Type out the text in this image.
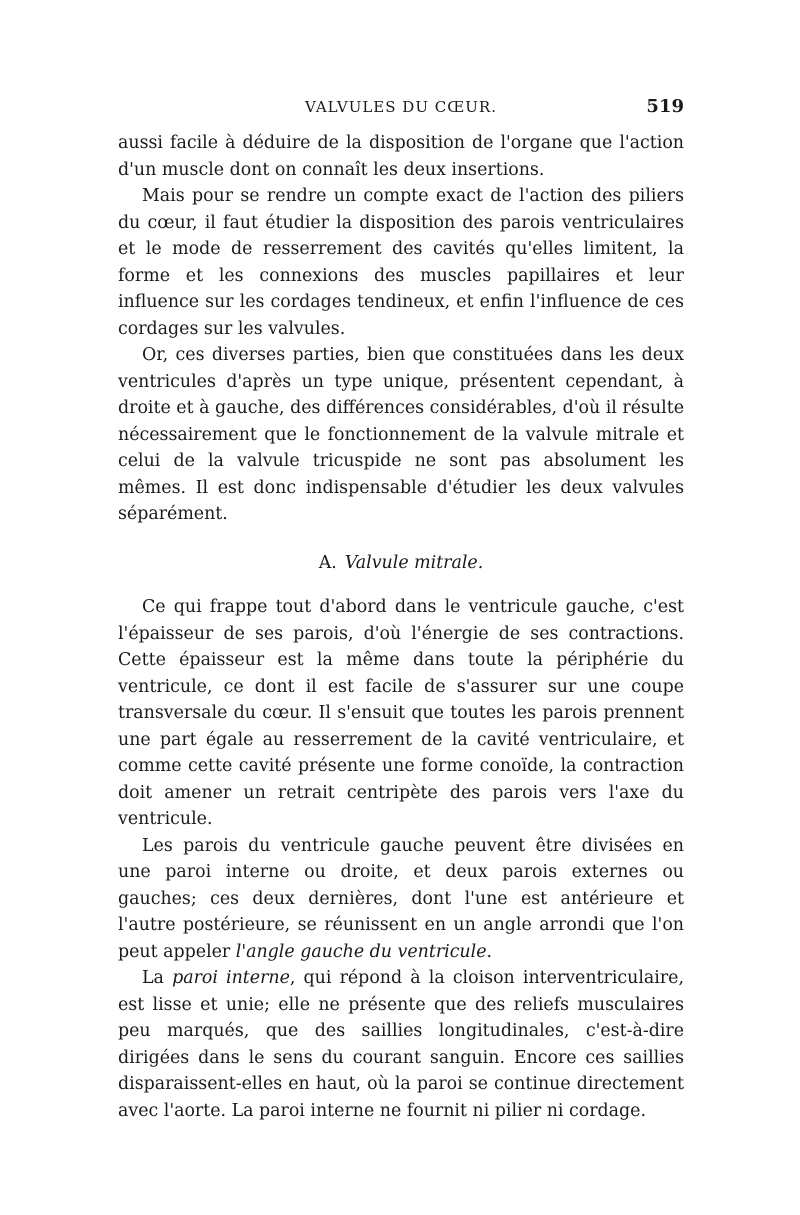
VALVULES DU CŒUR.	519

aussi facile à déduire de la disposition de l'organe que l'action d'un muscle dont on connaît les deux insertions.

Mais pour se rendre un compte exact de l'action des piliers du cœur, il faut étudier la disposition des parois ventriculaires et le mode de resserrement des cavités qu'elles limitent, la forme et les connexions des muscles papillaires et leur influence sur les cordages tendineux, et enfin l'influence de ces cordages sur les valvules.

Or, ces diverses parties, bien que constituées dans les deux ventricules d'après un type unique, présentent cependant, à droite et à gauche, des différences considérables, d'où il résulte nécessairement que le fonctionnement de la valvule mitrale et celui de la valvule tricuspide ne sont pas absolument les mêmes. Il est donc indispensable d'étudier les deux valvules séparément.

A. Valvule mitrale.

Ce qui frappe tout d'abord dans le ventricule gauche, c'est l'épaisseur de ses parois, d'où l'énergie de ses contractions. Cette épaisseur est la même dans toute la périphérie du ventricule, ce dont il est facile de s'assurer sur une coupe transversale du cœur. Il s'ensuit que toutes les parois prennent une part égale au resserrement de la cavité ventriculaire, et comme cette cavité présente une forme conoïde, la contraction doit amener un retrait centripète des parois vers l'axe du ventricule.

Les parois du ventricule gauche peuvent être divisées en une paroi interne ou droite, et deux parois externes ou gauches; ces deux dernières, dont l'une est antérieure et l'autre postérieure, se réunissent en un angle arrondi que l'on peut appeler l'angle gauche du ventricule.

La paroi interne, qui répond à la cloison interventriculaire, est lisse et unie; elle ne présente que des reliefs musculaires peu marqués, que des saillies longitudinales, c'est-à-dire dirigées dans le sens du courant sanguin. Encore ces saillies disparaissent-elles en haut, où la paroi se continue directement avec l'aorte. La paroi interne ne fournit ni pilier ni cordage.
